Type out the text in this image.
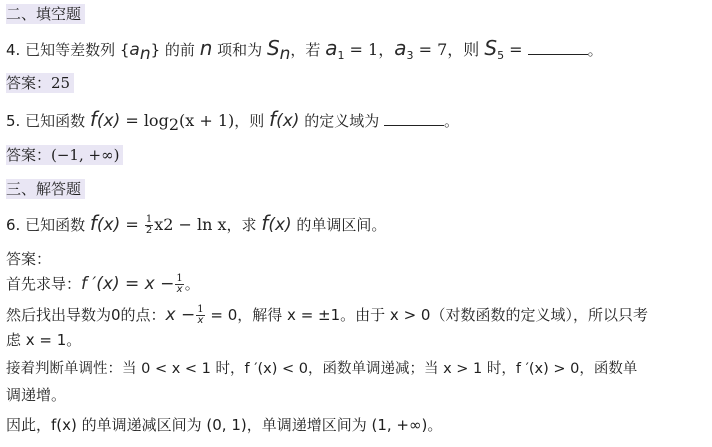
二、填空题
4. 已知等差数列 $\{a_n\}$ 的前 n 项和为 $S_n$，若 $a_1 = 1$，$a_3 = 7$，则 $S_5$ =	。
答案：25
5. 已知函数 $f(x) = \log_2(x + 1)$，则 f(x) 的定义域为	。
答案：(−1, +∞)
三、解答题
6. 已知函数 $f(x) = \frac{1}{2} x2 - \ln x$，求 f(x) 的单调区间。
答案：
首先求导：f $'(x) = x - \frac{1}{x}$ 。
然后找出导数为0的点：$x - \frac{1}{x} = 0$，解得 x = ±1。由于 x > 0（对数函数的定义域），所以只考
虑 x = 1。
接着判断单调性：当 0 < x < 1 时，f ′(x) < 0，函数单调递减；当 x > 1 时，f ′(x) > 0，函数单
调递增。
因此，f(x) 的单调递减区间为 (0, 1)，单调递增区间为 (1, +∞)。
